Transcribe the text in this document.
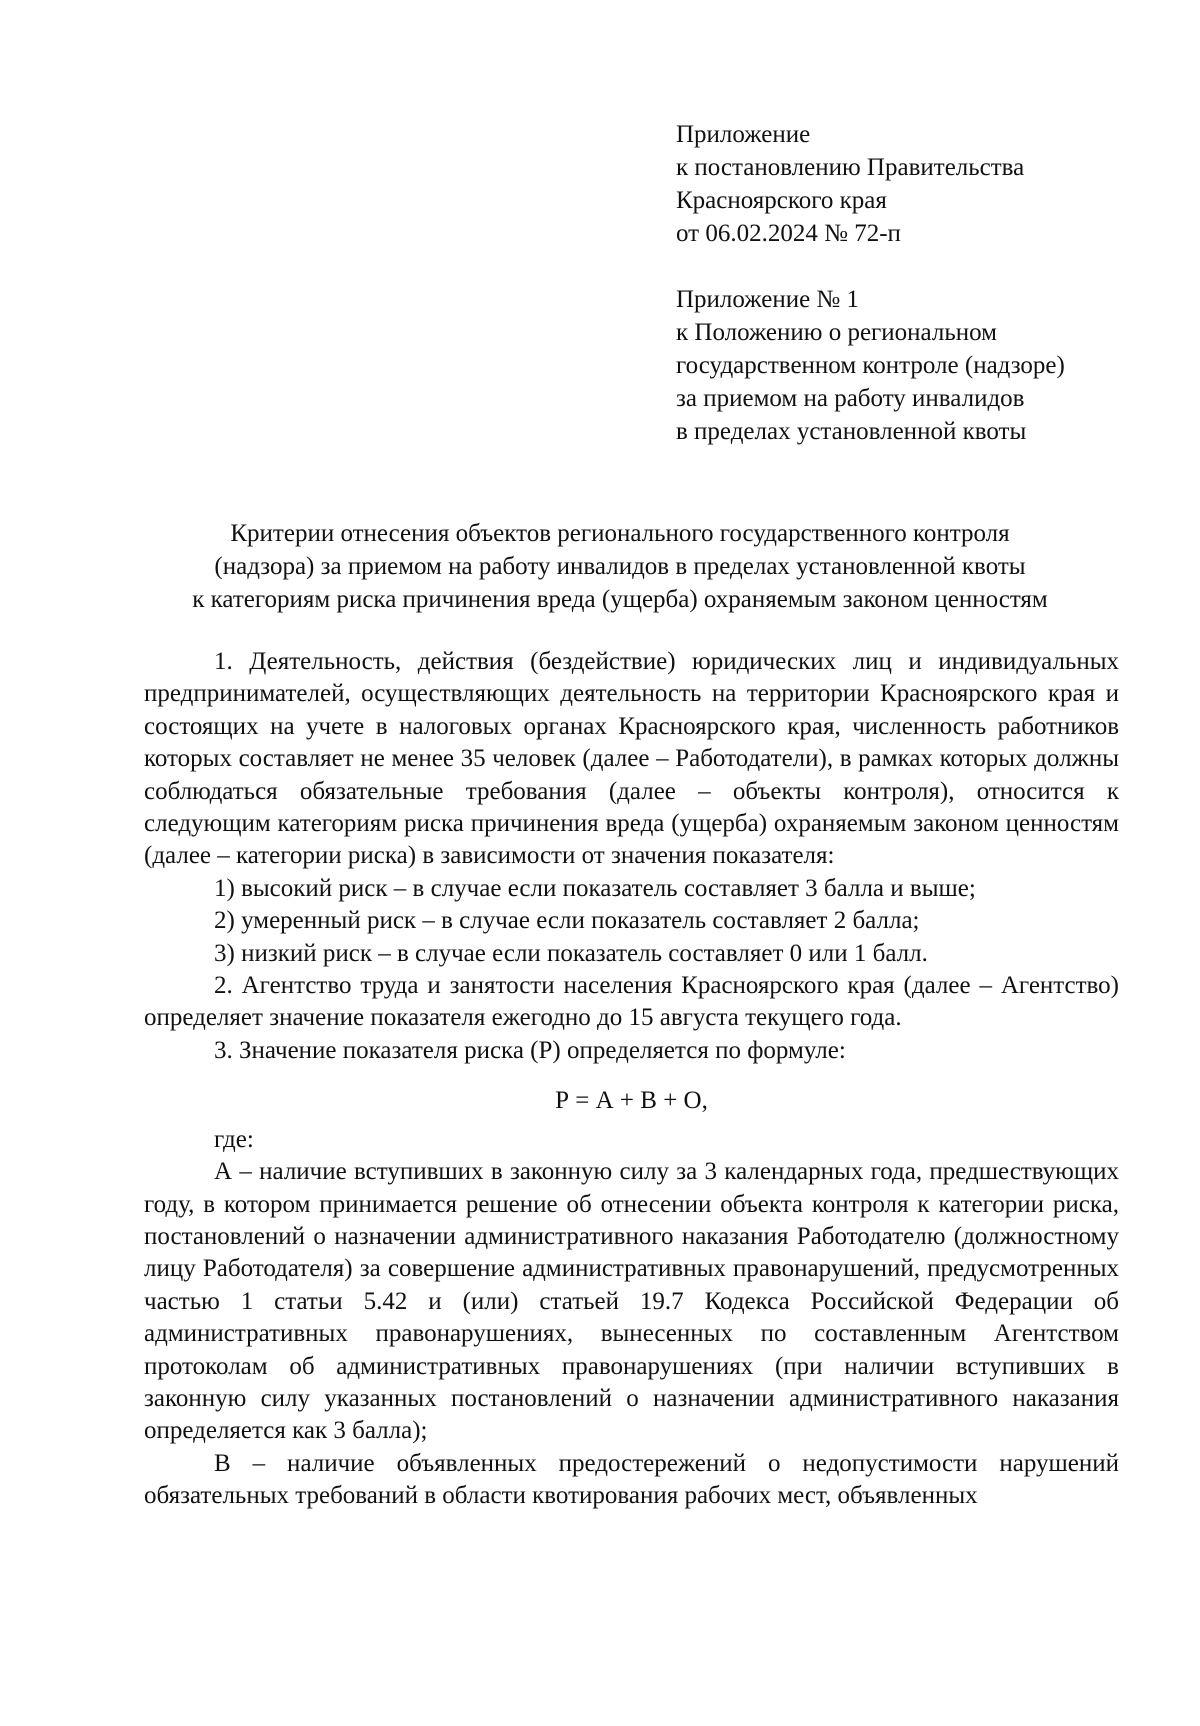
Приложение
к постановлению Правительства
Красноярского края
от 06.02.2024 № 72-п
Приложение № 1
к Положению о региональном
государственном контроле (надзоре)
за приемом на работу инвалидов
в пределах установленной квоты
Критерии отнесения объектов регионального государственного контроля
(надзора) за приемом на работу инвалидов в пределах установленной квоты
к категориям риска причинения вреда (ущерба) охраняемым законом ценностям

1. Деятельность, действия (бездействие) юридических лиц и индивидуальных предпринимателей, осуществляющих деятельность на территории Красноярского края и состоящих на учете в налоговых органах Красноярского края, численность работников которых составляет не менее 35 человек (далее – Работодатели), в рамках которых должны соблюдаться обязательные требования (далее – объекты контроля), относится к следующим категориям риска причинения вреда (ущерба) охраняемым законом ценностям (далее – категории риска) в зависимости от значения показателя:

1) высокий риск – в случае если показатель составляет 3 балла и выше;

2) умеренный риск – в случае если показатель составляет 2 балла;

3) низкий риск – в случае если показатель составляет 0 или 1 балл.

2. Агентство труда и занятости населения Красноярского края (далее – Агентство) определяет значение показателя ежегодно до 15 августа текущего года.

3. Значение показателя риска (Р) определяется по формуле:

Р = А + В + О,

где:

А – наличие вступивших в законную силу за 3 календарных года, предшествующих году, в котором принимается решение об отнесении объекта контроля к категории риска, постановлений о назначении административного наказания Работодателю (должностному лицу Работодателя) за совершение административных правонарушений, предусмотренных частью 1 статьи 5.42 и (или) статьей 19.7 Кодекса Российской Федерации об административных правонарушениях, вынесенных по составленным Агентством протоколам об административных правонарушениях (при наличии вступивших в законную силу указанных постановлений о назначении административного наказания определяется как 3 балла);

В – наличие объявленных предостережений о недопустимости нарушений обязательных требований в области квотирования рабочих мест, объявленных
